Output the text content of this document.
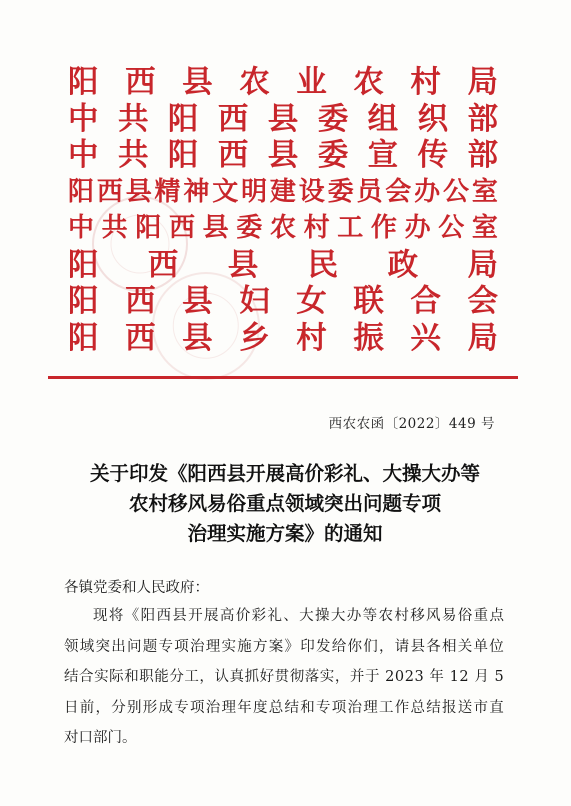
阳 西 县 农 业 农 村 局
中 共 阳 西 县 委 组 织 部
中 共 阳 西 县 委 宣 传 部
阳 西 县 精 神 文 明 建 设 委 员 会 办 公 室
中 共 阳 西 县 委 农 村 工 作 办 公 室
阳 西 县 民 政 局
阳 西 县 妇 女 联 合 会
阳 西 县 乡 村 振 兴 局
西农农函〔2022〕449 号
关于印发《阳西县开展高价彩礼、大操大办等
农村移风易俗重点领域突出问题专项
治理实施方案》的通知
各镇党委和人民政府：
现 将 《 阳 西 县 开 展 高 价 彩 礼 、 大 操 大 办 等 农 村 移 风 易 俗 重 点
领 域 突 出 问 题 专 项 治 理 实 施 方 案 》 印 发 给 你 们 ， 请 县 各 相 关 单 位
结 合 实 际 和 职 能 分 工 ， 认 真 抓 好 贯 彻 落 实 ， 并 于
2 0 2 3
年
1 2
月
5
日 前 ， 分 别 形 成 专 项 治 理 年 度 总 结 和 专 项 治 理 工 作 总 结 报 送 市 直
对口部门。
